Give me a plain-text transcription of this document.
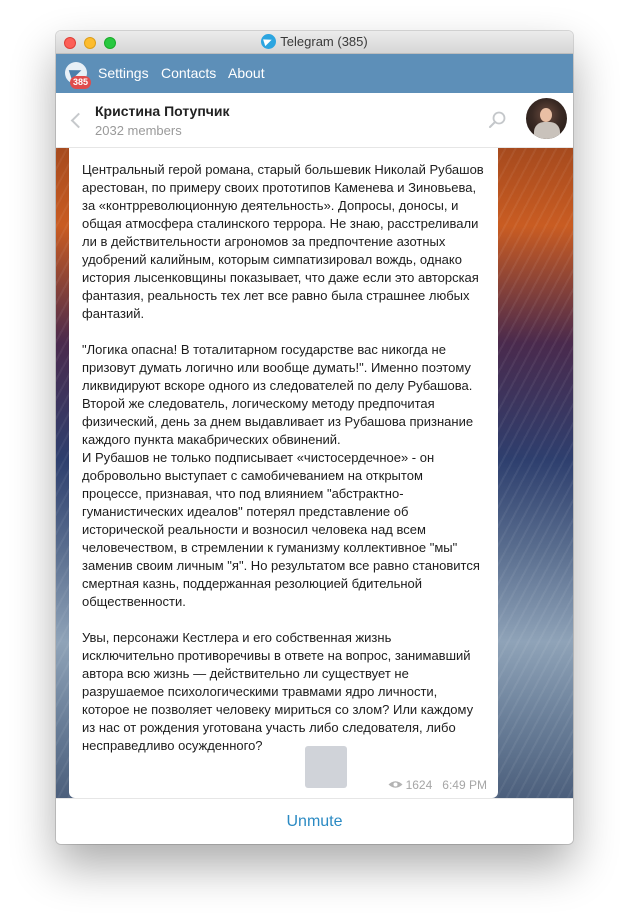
Telegram (385)
385
Settings Contacts About
Кристина Потупчик
2032 members
Центральный герой романа, старый большевик Николай Рубашов арестован, по примеру своих прототипов Каменева и Зиновьева, за «контрреволюционную деятельность». Допросы, доносы, и общая атмосфера сталинского террора. Не знаю, расстреливали ли в действительности агрономов за предпочтение азотных удобрений калийным, которым симпатизировал вождь, однако история лысенковщины показывает, что даже если это авторская фантазия, реальность тех лет все равно была страшнее любых фантазий.

"Логика опасна! В тоталитарном государстве вас никогда не призовут думать логично или вообще думать!". Именно поэтому ликвидируют вскоре одного из следователей по делу Рубашова. Второй же следователь, логическому методу предпочитая физический, день за днем выдавливает из Рубашова признание каждого пункта макабрических обвинений.
И Рубашов не только подписывает «чистосердечное» - он добровольно выступает с самобичеванием на открытом процессе, признавая, что под влиянием "абстрактно-гуманистических идеалов" потерял представление об исторической реальности и возносил человека над всем человечеством, в стремлении к гуманизму коллективное "мы" заменив своим личным "я". Но результатом все равно становится смертная казнь, поддержанная резолюцией бдительной общественности.

Увы, персонажи Кестлера и его собственная жизнь исключительно противоречивы в ответе на вопрос, занимавший автора всю жизнь — действительно ли существует не разрушаемое психологическими травмами ядро личности, которое не позволяет человеку мириться со злом? Или каждому из нас от рождения уготована участь либо следователя, либо несправедливо осужденного?
1624 6:49 PM
Unmute
